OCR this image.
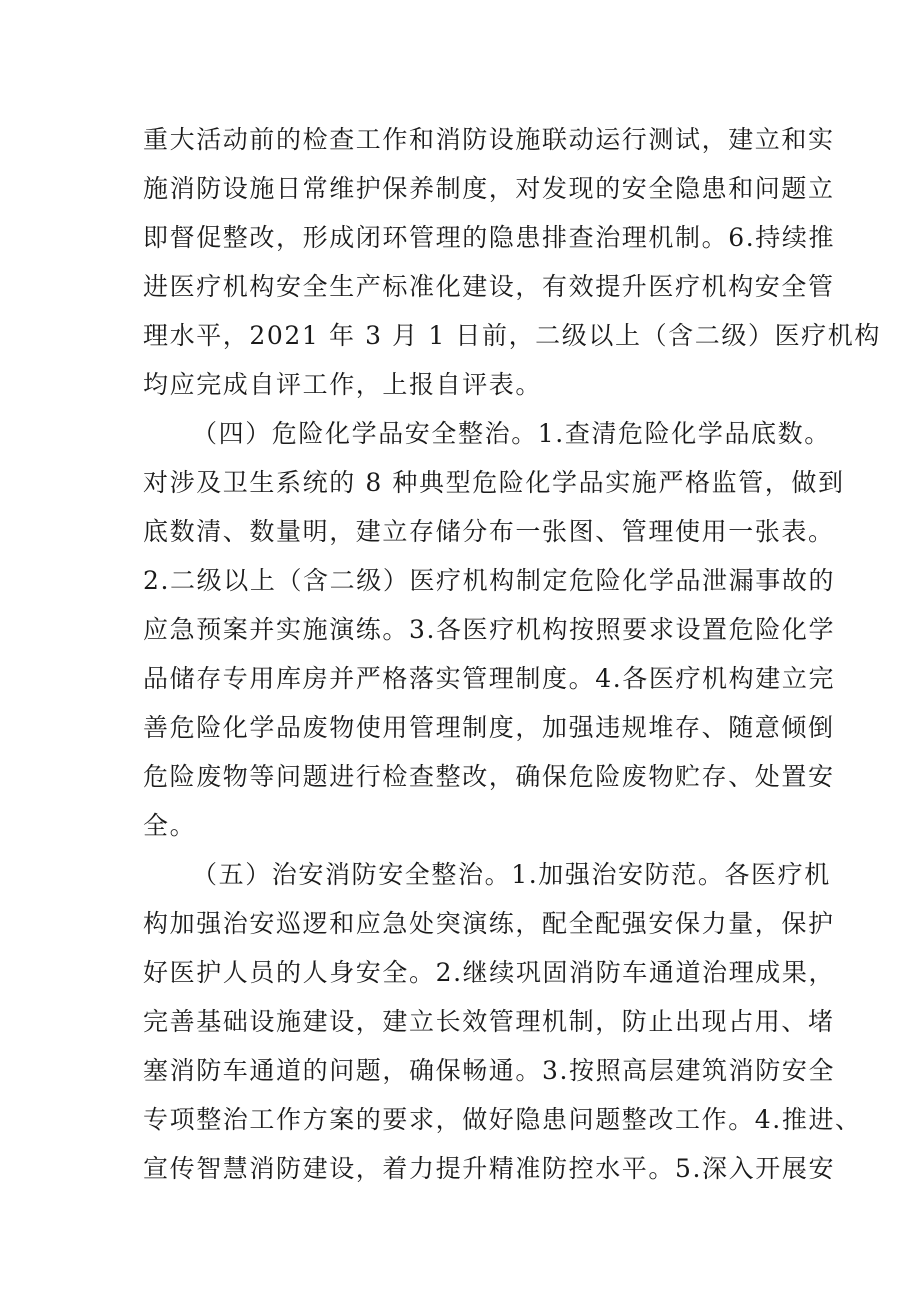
重大活动前的检查工作和消防设施联动运行测试，建立和实
施消防设施日常维护保养制度，对发现的安全隐患和问题立
即督促整改，形成闭环管理的隐患排查治理机制。6.持续推
进医疗机构安全生产标准化建设，有效提升医疗机构安全管
理水平，2021 年 3 月 1 日前，二级以上（含二级）医疗机构
均应完成自评工作，上报自评表。
（四）危险化学品安全整治。1.查清危险化学品底数。
对涉及卫生系统的 8 种典型危险化学品实施严格监管，做到
底数清、数量明，建立存储分布一张图、管理使用一张表。
2.二级以上（含二级）医疗机构制定危险化学品泄漏事故的
应急预案并实施演练。3.各医疗机构按照要求设置危险化学
品储存专用库房并严格落实管理制度。4.各医疗机构建立完
善危险化学品废物使用管理制度，加强违规堆存、随意倾倒
危险废物等问题进行检查整改，确保危险废物贮存、处置安
全。
（五）治安消防安全整治。1.加强治安防范。各医疗机
构加强治安巡逻和应急处突演练，配全配强安保力量，保护
好医护人员的人身安全。2.继续巩固消防车通道治理成果，
完善基础设施建设，建立长效管理机制，防止出现占用、堵
塞消防车通道的问题，确保畅通。3.按照高层建筑消防安全
专项整治工作方案的要求，做好隐患问题整改工作。4.推进、
宣传智慧消防建设，着力提升精准防控水平。5.深入开展安
